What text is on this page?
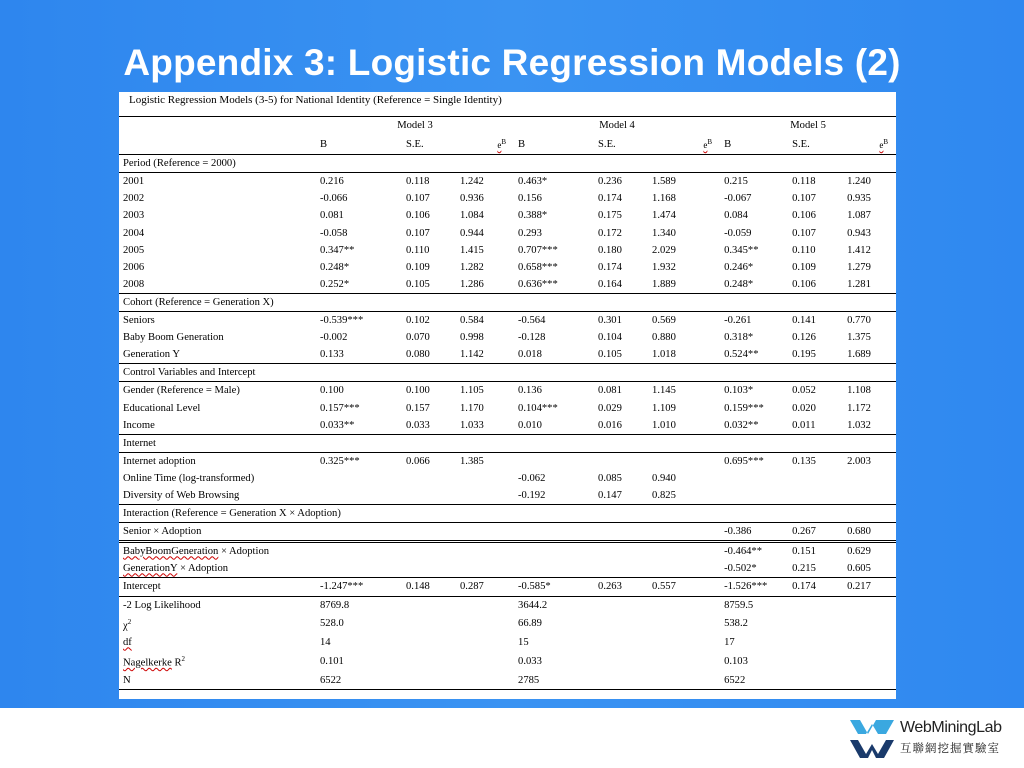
Appendix 3: Logistic Regression Models (2)
Logistic Regression Models (3-5) for National Identity (Reference = Single Identity)
	Model 3			Model 4			Model 5		
	B	S.E.	$e^B$	B	S.E.	$e^B$	B	S.E.	$e^B$
Period (Reference = 2000)									
2001	0.216	0.118	1.242	0.463*	0.236	1.589	0.215	0.118	1.240
2002	-0.066	0.107	0.936	0.156	0.174	1.168	-0.067	0.107	0.935
2003	0.081	0.106	1.084	0.388*	0.175	1.474	0.084	0.106	1.087
2004	-0.058	0.107	0.944	0.293	0.172	1.340	-0.059	0.107	0.943
2005	0.347**	0.110	1.415	0.707***	0.180	2.029	0.345**	0.110	1.412
2006	0.248*	0.109	1.282	0.658***	0.174	1.932	0.246*	0.109	1.279
2008	0.252*	0.105	1.286	0.636***	0.164	1.889	0.248*	0.106	1.281
Cohort (Reference = Generation X)									
Seniors	-0.539***	0.102	0.584	-0.564	0.301	0.569	-0.261	0.141	0.770
Baby Boom Generation	-0.002	0.070	0.998	-0.128	0.104	0.880	0.318*	0.126	1.375
Generation Y	0.133	0.080	1.142	0.018	0.105	1.018	0.524**	0.195	1.689
Control Variables and Intercept									
Gender (Reference = Male)	0.100	0.100	1.105	0.136	0.081	1.145	0.103*	0.052	1.108
Educational Level	0.157***	0.157	1.170	0.104***	0.029	1.109	0.159***	0.020	1.172
Income	0.033**	0.033	1.033	0.010	0.016	1.010	0.032**	0.011	1.032
Internet									
Internet adoption	0.325***	0.066	1.385				0.695***	0.135	2.003
Online Time (log-transformed)				-0.062	0.085	0.940			
Diversity of Web Browsing				-0.192	0.147	0.825			
Interaction (Reference = Generation X × Adoption)									
Senior × Adoption							-0.386	0.267	0.680
BabyBoomGeneration × Adoption							-0.464**	0.151	0.629
GenerationY × Adoption							-0.502*	0.215	0.605
Intercept	-1.247***	0.148	0.287	-0.585*	0.263	0.557	-1.526***	0.174	0.217
-2 Log Likelihood	8769.8			3644.2			8759.5		
$\chi^2$	528.0			66.89			538.2		
df	14			15			17		
Nagelkerke $R^2$	0.101			0.033			0.103		
N	6522			2785			6522		
WebMiningLab
互聯網挖掘實驗室
